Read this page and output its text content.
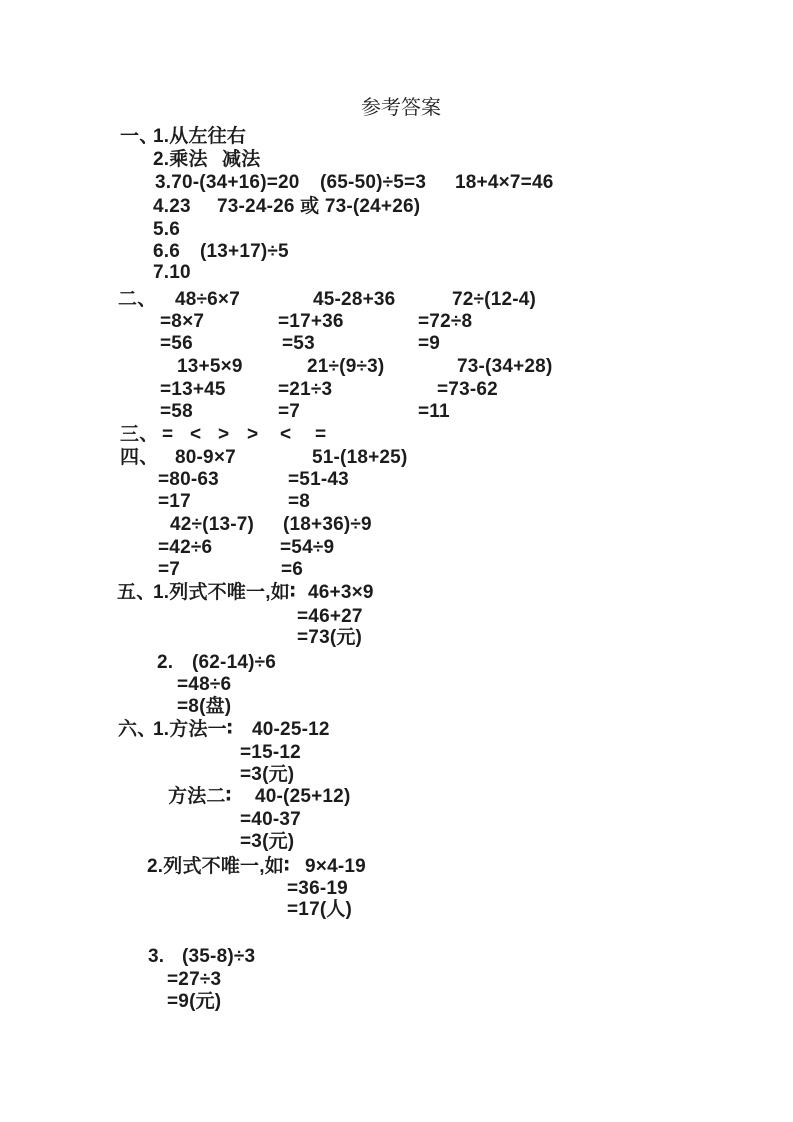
参考答案
一、
1.从左往右
2.乘法 减法
3.70-(34+16)=20 (65-50)÷5=3 18+4×7=46
4.23 73-24-26 或 73-(24+26)
5.6
6.6 (13+17)÷5
7.10
二、 48÷6×7	45-28+36	72÷(12-4)
=8×7	=17+36	=72÷8
=56	=53	=9
13+5×9	21÷(9÷3)	73-(34+28)
=13+45	=21÷3	=73-62
=58	=7	=11
三、 = < > > < =
四、 80-9×7	51-(18+25)
=80-63	=51-43
=17	=8
42÷(13-7) (18+36)÷9
=42÷6	=54÷9
=7	=6
五、
1.列式不唯一,如∶ 46+3×9
=46+27
=73(元)
2. (62-14)÷6
=48÷6
=8(盘)
六、
1.方法一∶ 40-25-12
=15-12
=3(元)
方法二∶ 40-(25+12)
=40-37
=3(元)
2.列式不唯一,如∶ 9×4-19
=36-19
=17(人)
3. (35-8)÷3
=27÷3
=9(元)
